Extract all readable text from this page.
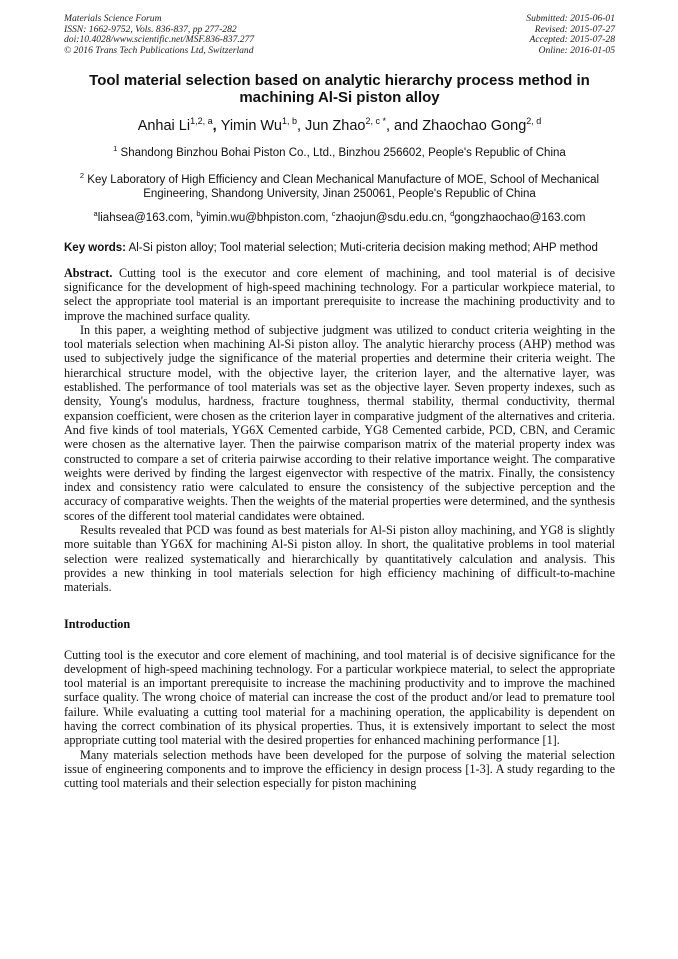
Materials Science Forum
ISSN: 1662-9752, Vols. 836-837, pp 277-282
doi:10.4028/www.scientific.net/MSF.836-837.277
© 2016 Trans Tech Publications Ltd, Switzerland
Submitted: 2015-06-01
Revised: 2015-07-27
Accepted: 2015-07-28
Online: 2016-01-05
Tool material selection based on analytic hierarchy process method in machining Al-Si piston alloy
Anhai Li$^{1,2, a}$, Yimin Wu$^{1, b}$, Jun Zhao$^{2, c *}$, and Zhaochao Gong$^{2, d}$
$^1$ Shandong Binzhou Bohai Piston Co., Ltd., Binzhou 256602, People's Republic of China
$^2$ Key Laboratory of High Efficiency and Clean Mechanical Manufacture of MOE, School of Mechanical Engineering, Shandong University, Jinan 250061, People's Republic of China
$^a$liahsea@163.com, $^b$yimin.wu@bhpiston.com, $^c$zhaojun@sdu.edu.cn, $^d$gongzhaochao@163.com
Key words: Al-Si piston alloy; Tool material selection; Muti-criteria decision making method; AHP method

Abstract. Cutting tool is the executor and core element of machining, and tool material is of decisive significance for the development of high-speed machining technology. For a particular workpiece material, to select the appropriate tool material is an important prerequisite to increase the machining productivity and to improve the machined surface quality.

In this paper, a weighting method of subjective judgment was utilized to conduct criteria weighting in the tool materials selection when machining Al-Si piston alloy. The analytic hierarchy process (AHP) method was used to subjectively judge the significance of the material properties and determine their criteria weight. The hierarchical structure model, with the objective layer, the criterion layer, and the alternative layer, was established. The performance of tool materials was set as the objective layer. Seven property indexes, such as density, Young's modulus, hardness, fracture toughness, thermal stability, thermal conductivity, thermal expansion coefficient, were chosen as the criterion layer in comparative judgment of the alternatives and criteria. And five kinds of tool materials, YG6X Cemented carbide, YG8 Cemented carbide, PCD, CBN, and Ceramic were chosen as the alternative layer. Then the pairwise comparison matrix of the material property index was constructed to compare a set of criteria pairwise according to their relative importance weight. The comparative weights were derived by finding the largest eigenvector with respective of the matrix. Finally, the consistency index and consistency ratio were calculated to ensure the consistency of the subjective perception and the accuracy of comparative weights. Then the weights of the material properties were determined, and the synthesis scores of the different tool material candidates were obtained.

Results revealed that PCD was found as best materials for Al-Si piston alloy machining, and YG8 is slightly more suitable than YG6X for machining Al-Si piston alloy. In short, the qualitative problems in tool material selection were realized systematically and hierarchically by quantitatively calculation and analysis. This provides a new thinking in tool materials selection for high efficiency machining of difficult-to-machine materials.

Introduction

Cutting tool is the executor and core element of machining, and tool material is of decisive significance for the development of high-speed machining technology. For a particular workpiece material, to select the appropriate tool material is an important prerequisite to increase the machining productivity and to improve the machined surface quality. The wrong choice of material can increase the cost of the product and/or lead to premature tool failure. While evaluating a cutting tool material for a machining operation, the applicability is dependent on having the correct combination of its physical properties. Thus, it is extensively important to select the most appropriate cutting tool material with the desired properties for enhanced machining performance [1].

Many materials selection methods have been developed for the purpose of solving the material selection issue of engineering components and to improve the efficiency in design process [1-3]. A study regarding to the cutting tool materials and their selection especially for piston machining
